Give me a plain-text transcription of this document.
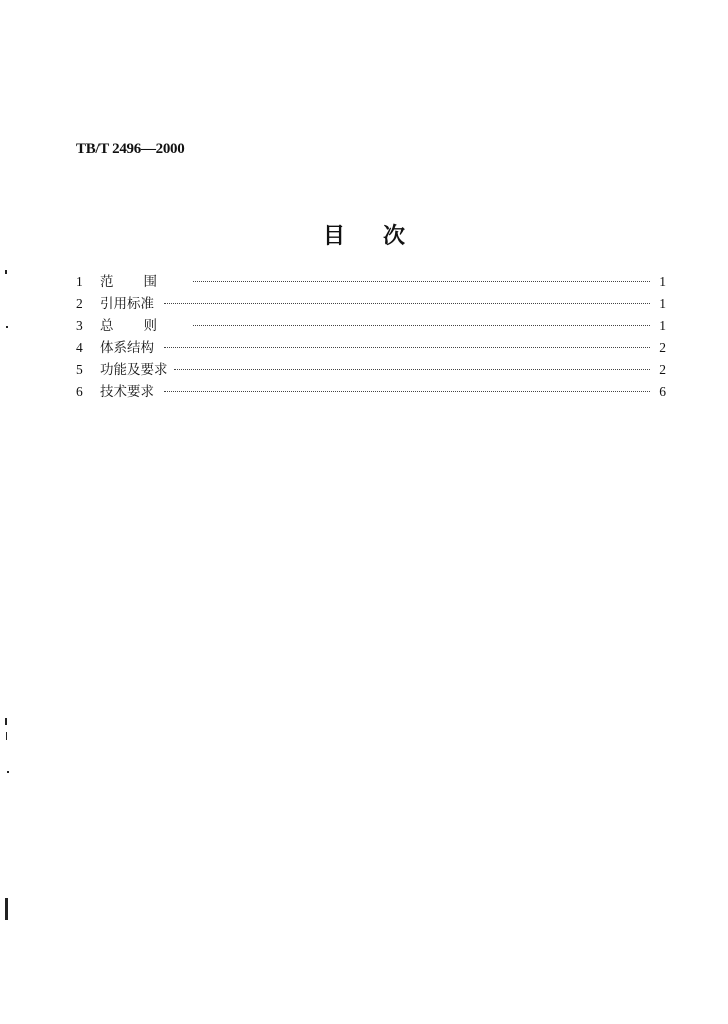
TB/T 2496—2000
目次
1	范围	1
2	引用标准	1
3	总则	1
4	体系结构	2
5	功能及要求	2
6	技术要求	6
